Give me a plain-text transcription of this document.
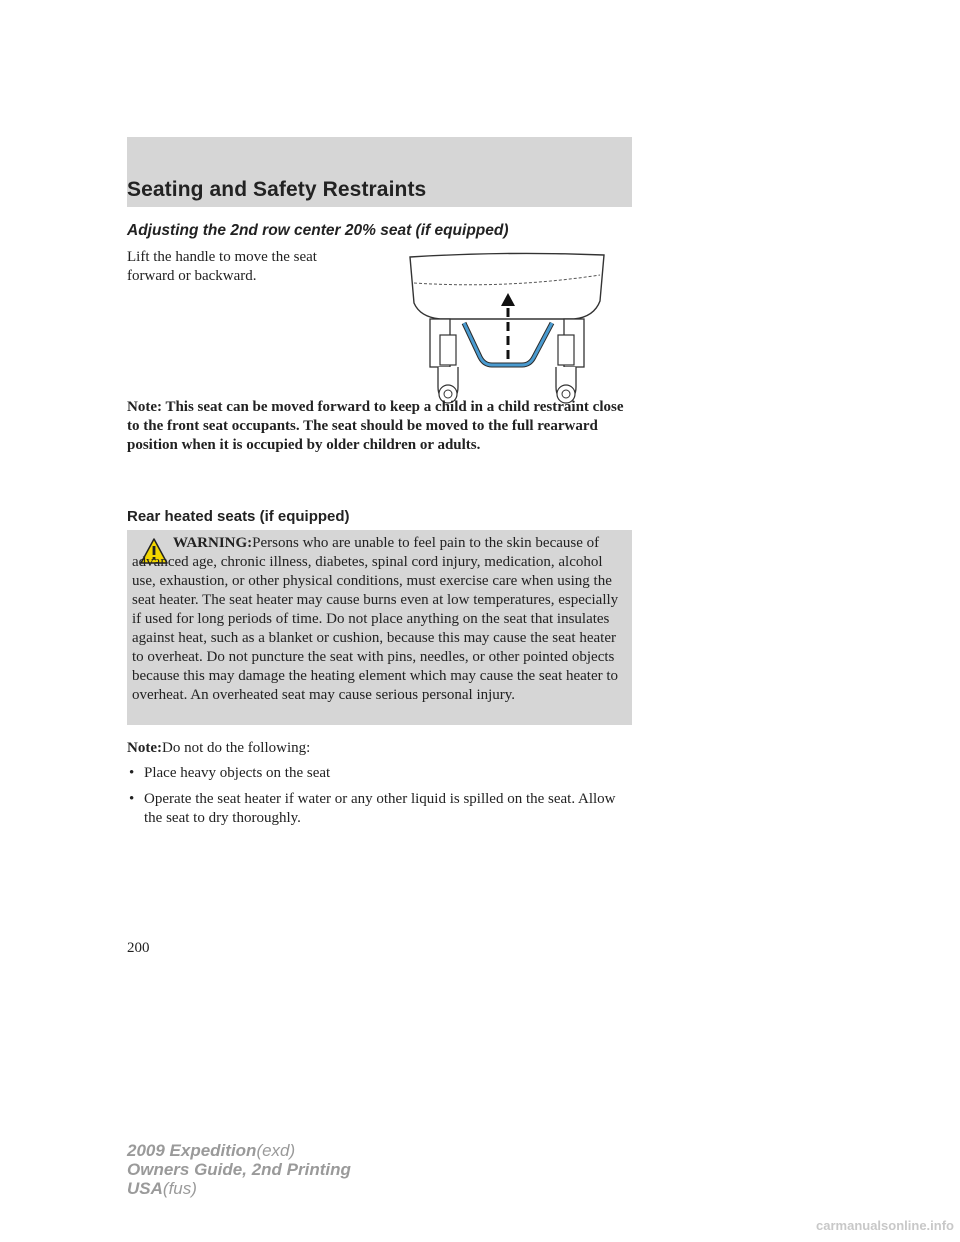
Seating and Safety Restraints
Adjusting the 2nd row center 20% seat (if equipped)

Lift the handle to move the seat forward or backward.

Note: This seat can be moved forward to keep a child in a child restraint close to the front seat occupants. The seat should be moved to the full rearward position when it is occupied by older children or adults.

Rear heated seats (if equipped)

WARNING:Persons who are unable to feel pain to the skin because of advanced age, chronic illness, diabetes, spinal cord injury, medication, alcohol use, exhaustion, or other physical conditions, must exercise care when using the seat heater. The seat heater may cause burns even at low temperatures, especially if used for long periods of time. Do not place anything on the seat that insulates against heat, such as a blanket or cushion, because this may cause the seat heater to overheat. Do not puncture the seat with pins, needles, or other pointed objects because this may damage the heating element which may cause the seat heater to overheat. An overheated seat may cause serious personal injury.

Note:Do not do the following:

• Place heavy objects on the seat
• Operate the seat heater if water or any other liquid is spilled on the seat. Allow the seat to dry thoroughly.
200
2009 Expedition(exd)
Owners Guide, 2nd Printing
USA(fus)
carmanualsonline.info
